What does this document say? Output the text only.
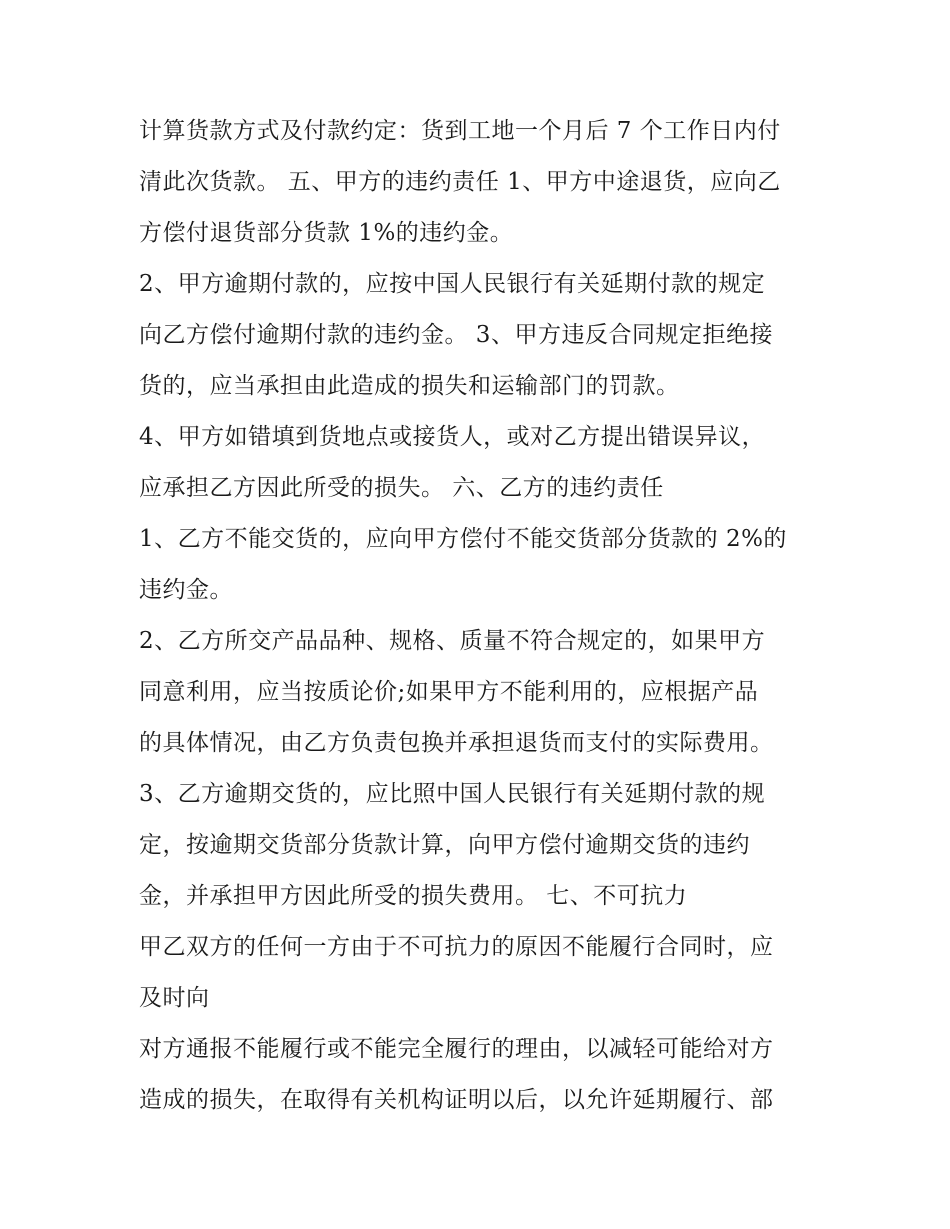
计算货款方式及付款约定：货到工地一个月后 7 个工作日内付
清此次货款。 五、甲方的违约责任 1、甲方中途退货，应向乙
方偿付退货部分货款 1%的违约金。
2、甲方逾期付款的，应按中国人民银行有关延期付款的规定
向乙方偿付逾期付款的违约金。 3、甲方违反合同规定拒绝接
货的，应当承担由此造成的损失和运输部门的罚款。
4、甲方如错填到货地点或接货人，或对乙方提出错误异议，
应承担乙方因此所受的损失。 六、乙方的违约责任
1、乙方不能交货的，应向甲方偿付不能交货部分货款的 2%的
违约金。
2、乙方所交产品品种、规格、质量不符合规定的，如果甲方
同意利用，应当按质论价;如果甲方不能利用的，应根据产品
的具体情况，由乙方负责包换并承担退货而支付的实际费用。
3、乙方逾期交货的，应比照中国人民银行有关延期付款的规
定，按逾期交货部分货款计算，向甲方偿付逾期交货的违约
金，并承担甲方因此所受的损失费用。 七、不可抗力
甲乙双方的任何一方由于不可抗力的原因不能履行合同时，应
及时向
对方通报不能履行或不能完全履行的理由，以减轻可能给对方
造成的损失，在取得有关机构证明以后，以允许延期履行、部
